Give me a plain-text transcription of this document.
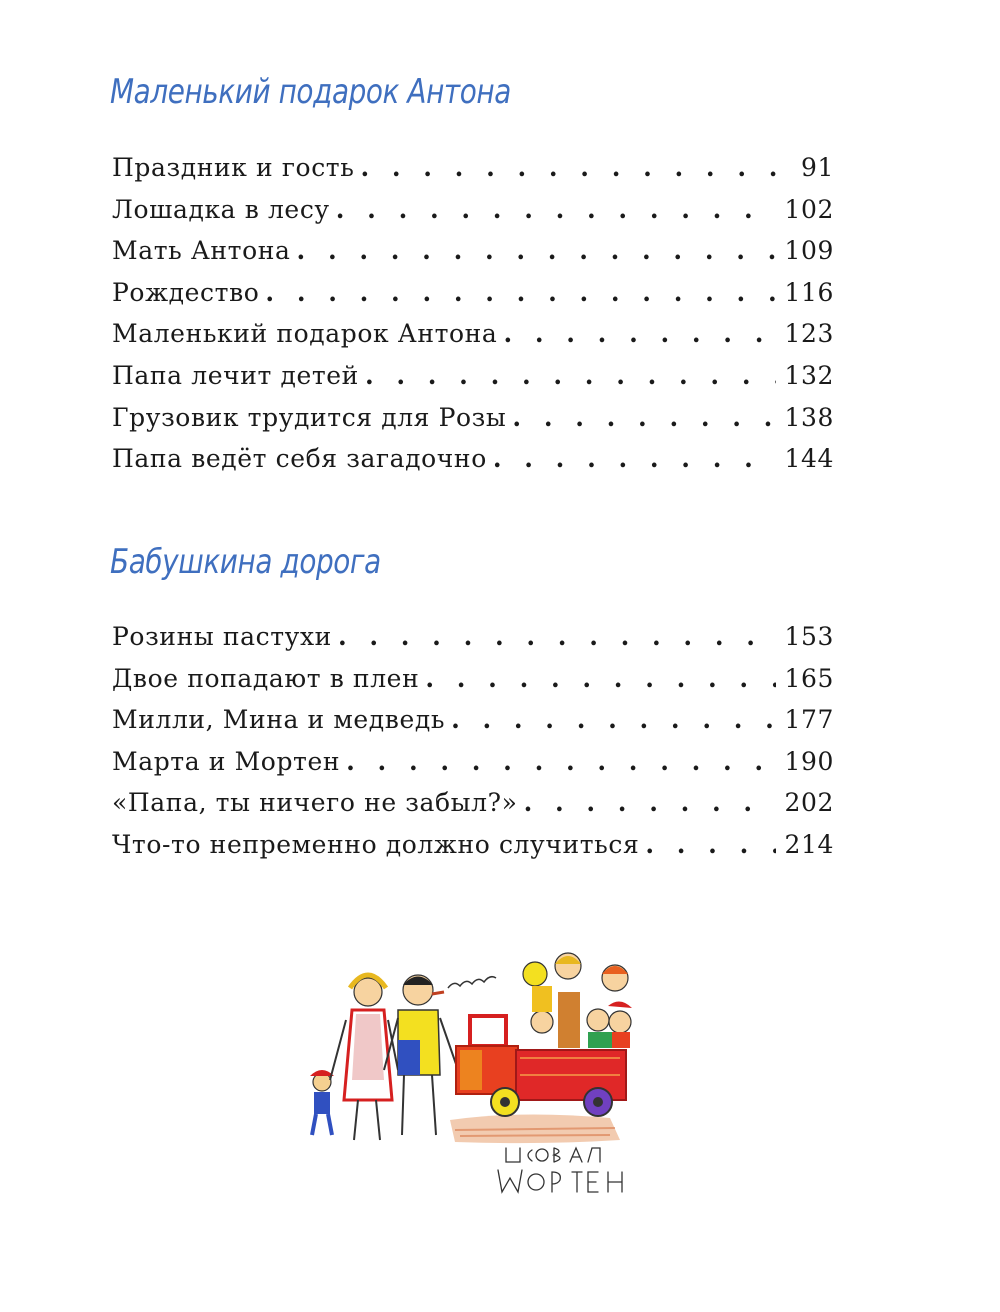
Маленький подарок Антона
Праздник и гость . . .	91
Лошадка в лесу . . .	102
Мать Антона . . .	109
Рождество . . .	116
Маленький подарок Антона . . .	123
Папа лечит детей . . .	132
Грузовик трудится для Розы . . .	138
Папа ведёт себя загадочно . . .	144
Бабушкина дорога
Розины пастухи . . .	153
Двое попадают в плен . . .	165
Милли, Мина и медведь . . .	177
Марта и Мортен . . .	190
«Папа, ты ничего не забыл?» . . .	202
Что-то непременно должно случиться . . .	214
